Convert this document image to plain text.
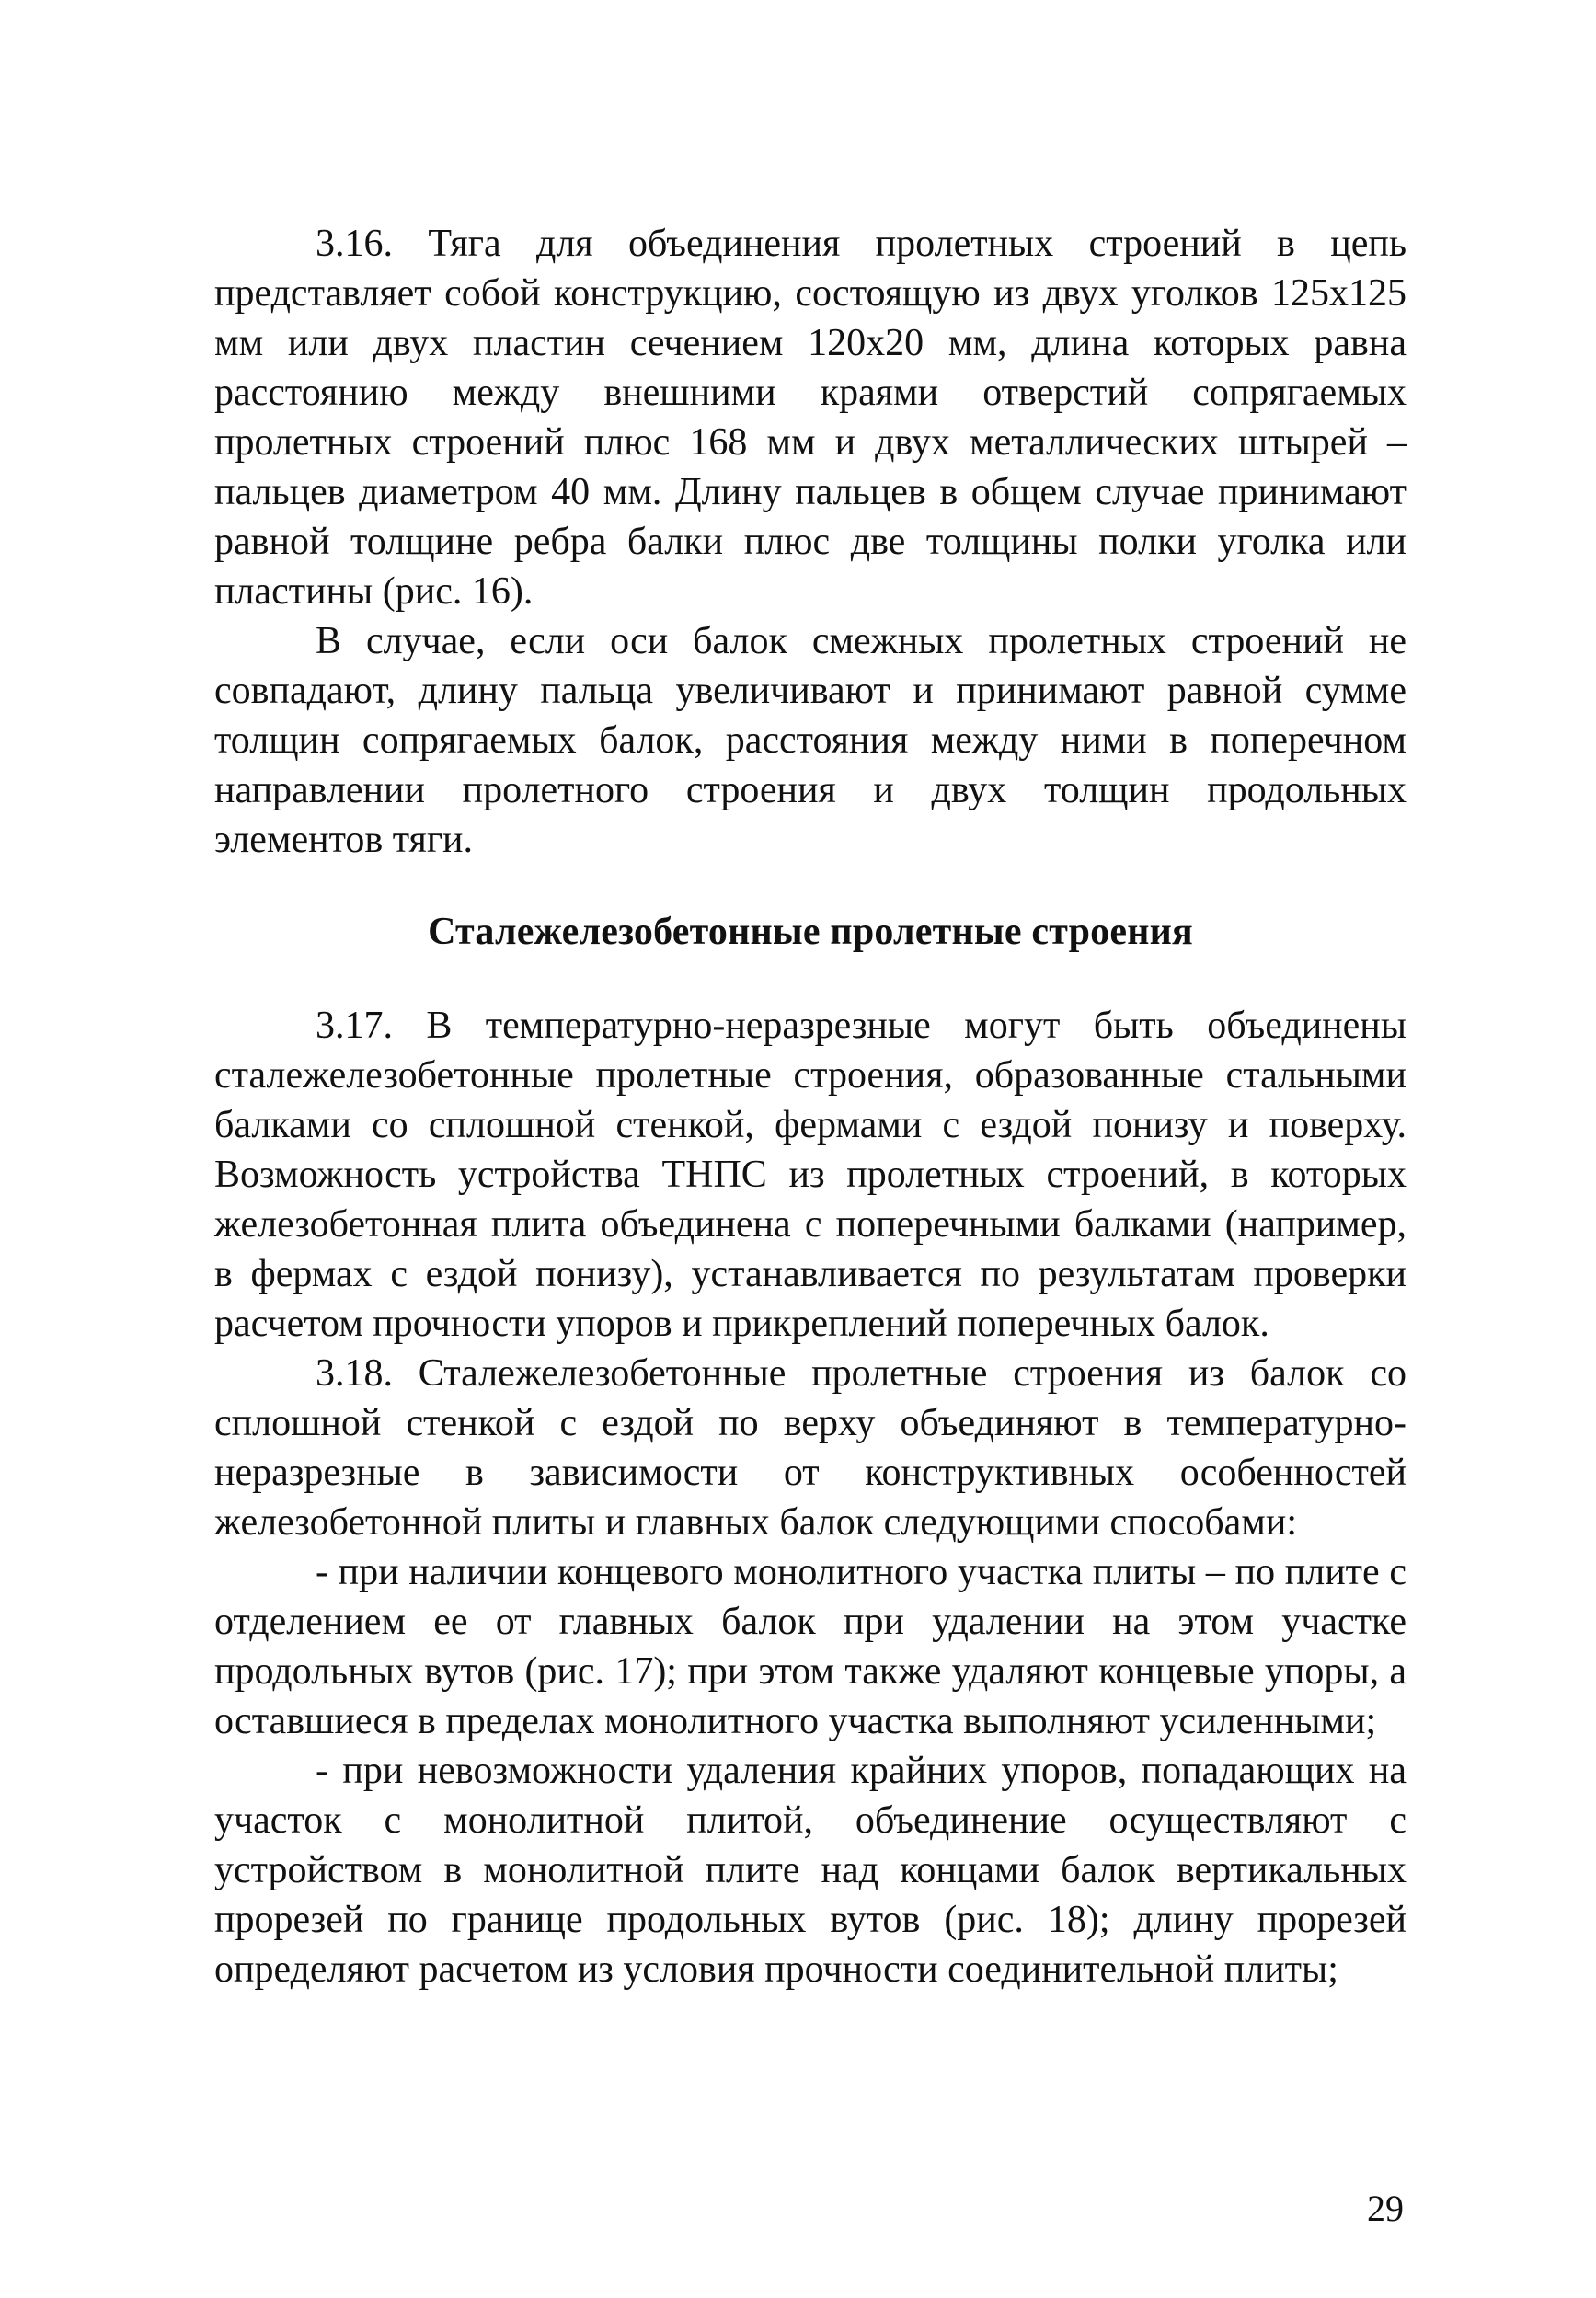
3.16. Тяга для объединения пролетных строений в цепь представляет собой конструкцию, состоящую из двух уголков 125х125 мм или двух пластин сечением 120х20 мм, длина которых равна расстоянию между внешними краями отверстий сопрягаемых пролетных строений плюс 168 мм и двух металлических штырей – пальцев диаметром 40 мм. Длину пальцев в общем случае принимают равной толщине ребра балки плюс две толщины полки уголка или пластины (рис. 16).

В случае, если оси балок смежных пролетных строений не совпадают, длину пальца увеличивают и принимают равной сумме толщин сопрягаемых балок, расстояния между ними в поперечном направлении пролетного строения и двух толщин продольных элементов тяги.

Сталежелезобетонные пролетные строения

3.17. В температурно-неразрезные могут быть объединены сталежелезобетонные пролетные строения, образованные стальными балками со сплошной стенкой, фермами с ездой понизу и поверху. Возможность устройства ТНПС из пролетных строений, в которых железобетонная плита объединена с поперечными балками (например, в фермах с ездой понизу), устанавливается по результатам проверки расчетом прочности упоров и прикреплений поперечных балок.

3.18. Сталежелезобетонные пролетные строения из балок со сплошной стенкой с ездой по верху объединяют в температурно-неразрезные в зависимости от конструктивных особенностей железобетонной плиты и главных балок следующими способами:

- при наличии концевого монолитного участка плиты – по плите с отделением ее от главных балок при удалении на этом участке продольных вутов (рис. 17); при этом также удаляют концевые упоры, а оставшиеся в пределах монолитного участка выполняют усиленными;

- при невозможности удаления крайних упоров, попадающих на участок с монолитной плитой, объединение осуществляют с устройством в монолитной плите над концами балок вертикальных прорезей по границе продольных вутов (рис. 18); длину прорезей определяют расчетом из условия прочности соединительной плиты;

29
